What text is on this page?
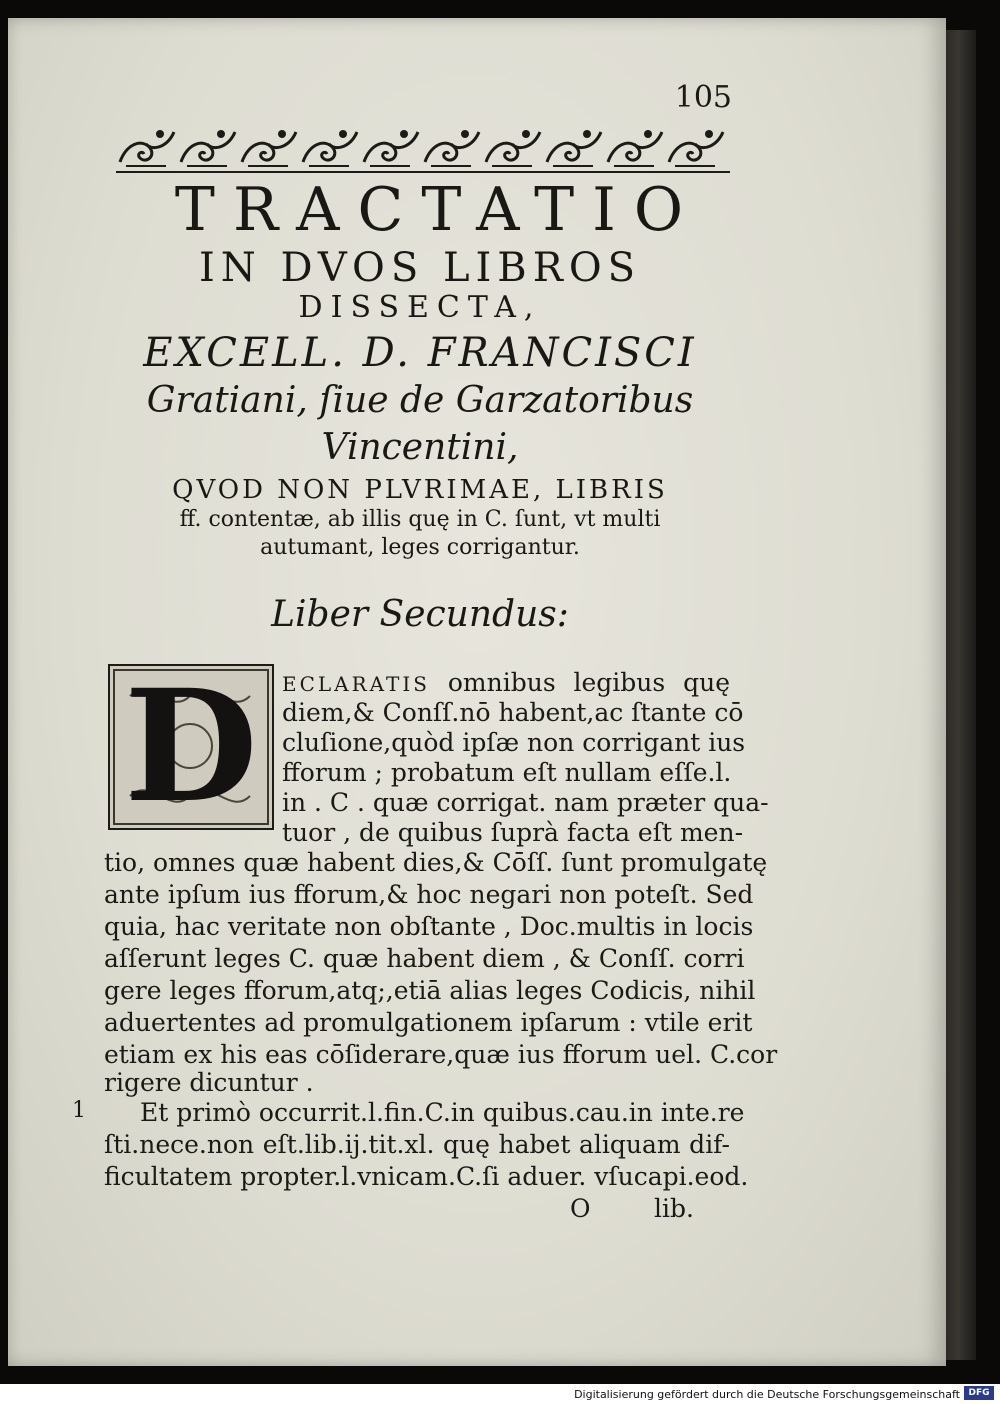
105
TRACTATIO
IN DVOS LIBROS
DISSECTA,
EXCELL. D. FRANCISCI
Gratiani, ſiue de Garzatoribus
Vincentini,
QVOD NON PLVRIMAE, LIBRIS
ff. contentæ, ab illis quę in C. ſunt, vt multi
autumant, leges corrigantur.
Liber Secundus:
D	ECLARATIS omnibus legibus quę
diem,& Conſſ.nō habent,ac ſtante cō
cluſione,quòd ipſæ non corrigant ius
fforum ; probatum eſt nullam eſſe.l.
in . C . quæ corrigat. nam præter qua-
tuor , de quibus ſuprà facta eſt men-
tio, omnes quæ habent dies,& Cōſſ. ſunt promulgatę
ante ipſum ius fforum,& hoc negari non poteſt. Sed
quia, hac veritate non obſtante , Doc.multis in locis
aſſerunt leges C. quæ habent diem , & Conſſ. corri
gere leges fforum,atq;,etiā alias leges Codicis, nihil
aduertentes ad promulgationem ipſarum : vtile erit
etiam ex his eas cōſiderare,quæ ius fforum uel. C.cor
rigere dicuntur .
1 Et primò occurrit.l.fin.C.in quibus.cau.in inte.re
ſti.nece.non eſt.lib.ij.tit.xl. quę habet aliquam dif-
ficultatem propter.l.vnicam.C.ſi aduer. vſucapi.eod.
O	lib.
Digitalisierung gefördert durch die Deutsche Forschungsgemeinschaft DFG
